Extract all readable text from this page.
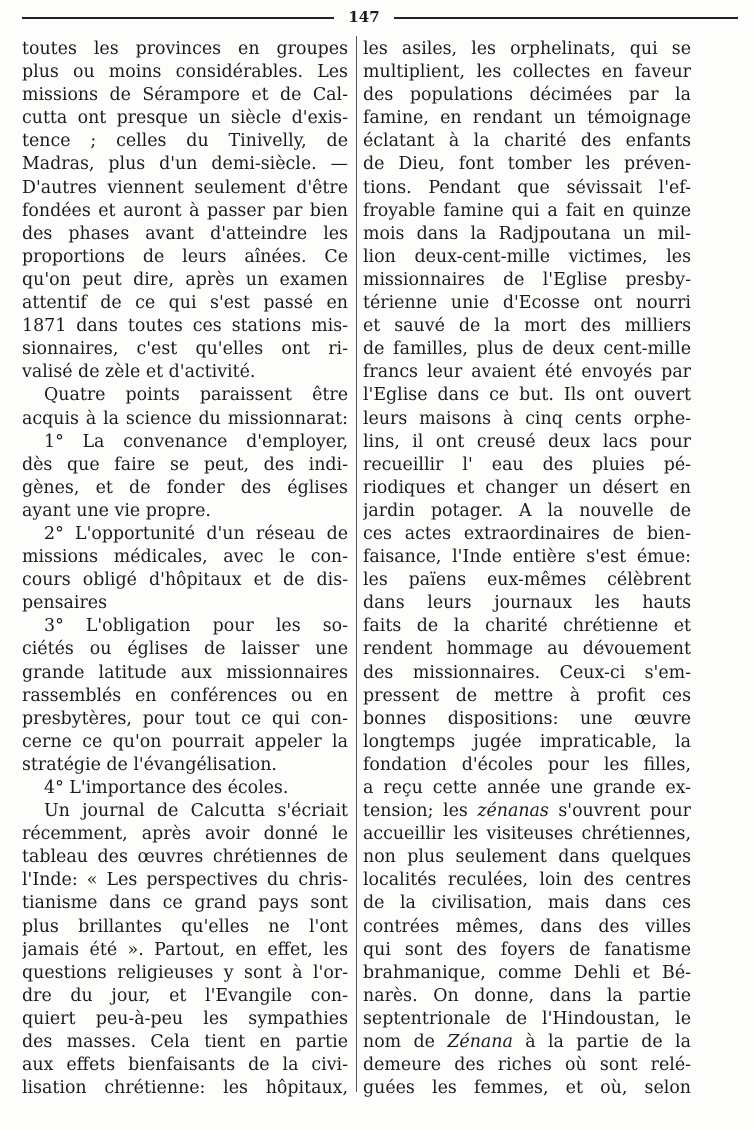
147
toutes les provinces en groupes
plus ou moins considérables. Les
missions de Sérampore et de Cal-
cutta ont presque un siècle d'exis-
tence ; celles du Tinivelly, de
Madras, plus d'un demi-siècle. —
D'autres viennent seulement d'être
fondées et auront à passer par bien
des phases avant d'atteindre les
proportions de leurs aînées. Ce
qu'on peut dire, après un examen
attentif de ce qui s'est passé en
1871 dans toutes ces stations mis-
sionnaires, c'est qu'elles ont ri-
valisé de zèle et d'activité.
Quatre points paraissent être
acquis à la science du missionnarat:
1° La convenance d'employer,
dès que faire se peut, des indi-
gènes, et de fonder des églises
ayant une vie propre.
2° L'opportunité d'un réseau de
missions médicales, avec le con-
cours obligé d'hôpitaux et de dis-
pensaires
3° L'obligation pour les so-
ciétés ou églises de laisser une
grande latitude aux missionnaires
rassemblés en conférences ou en
presbytères, pour tout ce qui con-
cerne ce qu'on pourrait appeler la
stratégie de l'évangélisation.
4° L'importance des écoles.
Un journal de Calcutta s'écriait
récemment, après avoir donné le
tableau des œuvres chrétiennes de
l'Inde: « Les perspectives du chris-
tianisme dans ce grand pays sont
plus brillantes qu'elles ne l'ont
jamais été ». Partout, en effet, les
questions religieuses y sont à l'or-
dre du jour, et l'Evangile con-
quiert peu-à-peu les sympathies
des masses. Cela tient en partie
aux effets bienfaisants de la civi-
lisation chrétienne: les hôpitaux,
les asiles, les orphelinats, qui se
multiplient, les collectes en faveur
des populations décimées par la
famine, en rendant un témoignage
éclatant à la charité des enfants
de Dieu, font tomber les préven-
tions. Pendant que sévissait l'ef-
froyable famine qui a fait en quinze
mois dans la Radjpoutana un mil-
lion deux-cent-mille victimes, les
missionnaires de l'Eglise presby-
térienne unie d'Ecosse ont nourri
et sauvé de la mort des milliers
de familles, plus de deux cent-mille
francs leur avaient été envoyés par
l'Eglise dans ce but. Ils ont ouvert
leurs maisons à cinq cents orphe-
lins, il ont creusé deux lacs pour
recueillir l' eau des pluies pé-
riodiques et changer un désert en
jardin potager. A la nouvelle de
ces actes extraordinaires de bien-
faisance, l'Inde entière s'est émue:
les païens eux-mêmes célèbrent
dans leurs journaux les hauts
faits de la charité chrétienne et
rendent hommage au dévouement
des missionnaires. Ceux-ci s'em-
pressent de mettre à profit ces
bonnes dispositions: une œuvre
longtemps jugée impraticable, la
fondation d'écoles pour les filles,
a reçu cette année une grande ex-
tension; les zénanas s'ouvrent pour
accueillir les visiteuses chrétiennes,
non plus seulement dans quelques
localités reculées, loin des centres
de la civilisation, mais dans ces
contrées mêmes, dans des villes
qui sont des foyers de fanatisme
brahmanique, comme Dehli et Bé-
narès. On donne, dans la partie
septentrionale de l'Hindoustan, le
nom de Zénana à la partie de la
demeure des riches où sont relé-
guées les femmes, et où, selon
